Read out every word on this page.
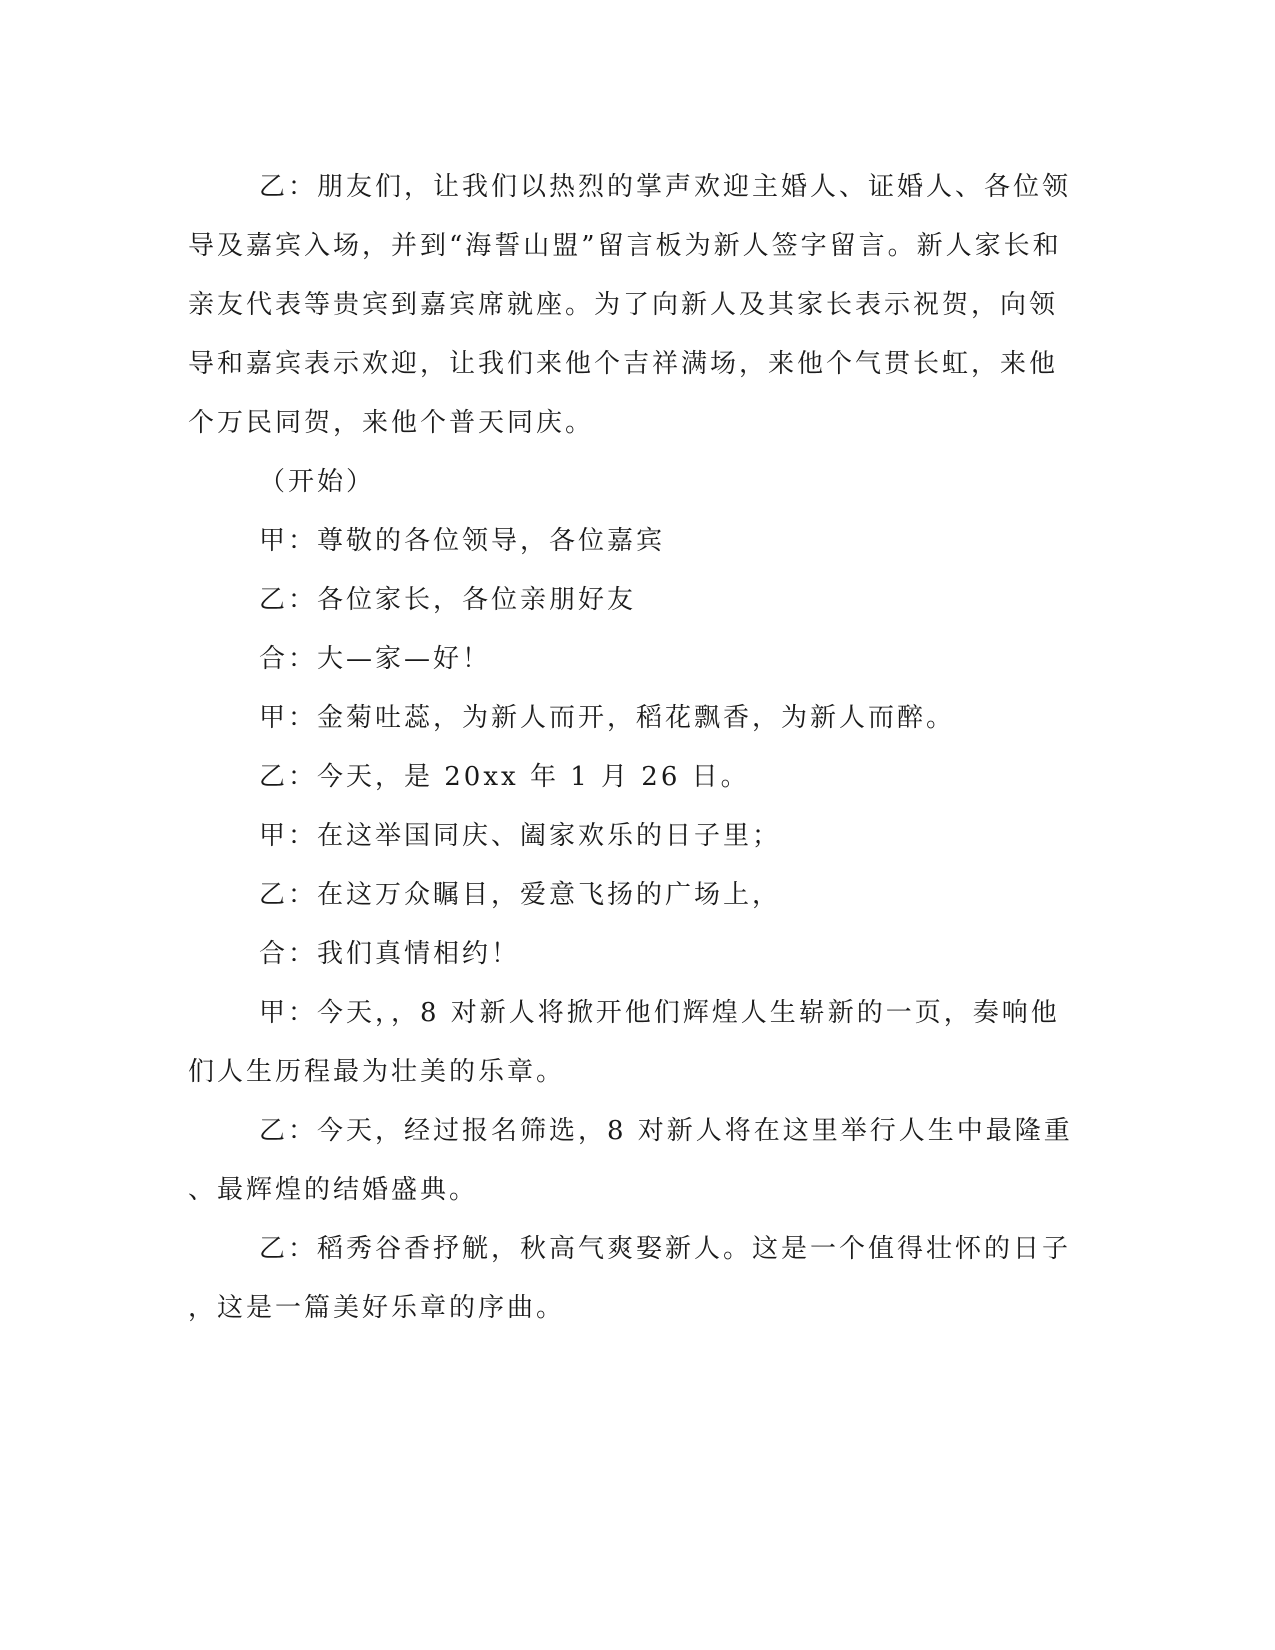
乙：朋友们，让我们以热烈的掌声欢迎主婚人、证婚人、各位领
导及嘉宾入场，并到“海誓山盟”留言板为新人签字留言。新人家长和
亲友代表等贵宾到嘉宾席就座。为了向新人及其家长表示祝贺，向领
导和嘉宾表示欢迎，让我们来他个吉祥满场，来他个气贯长虹，来他
个万民同贺，来他个普天同庆。

（开始）

甲：尊敬的各位领导，各位嘉宾

乙：各位家长，各位亲朋好友

合：大—家—好！

甲：金菊吐蕊，为新人而开，稻花飘香，为新人而醉。

乙：今天，是 20xx 年 1 月 26 日。

甲：在这举国同庆、阖家欢乐的日子里；

乙：在这万众瞩目，爱意飞扬的广场上，

合：我们真情相约！

甲：今天，，8 对新人将掀开他们辉煌人生崭新的一页，奏响他
们人生历程最为壮美的乐章。

乙：今天，经过报名筛选，8 对新人将在这里举行人生中最隆重
、最辉煌的结婚盛典。

乙：稻秀谷香抒觥，秋高气爽娶新人。这是一个值得壮怀的日子
，这是一篇美好乐章的序曲。
